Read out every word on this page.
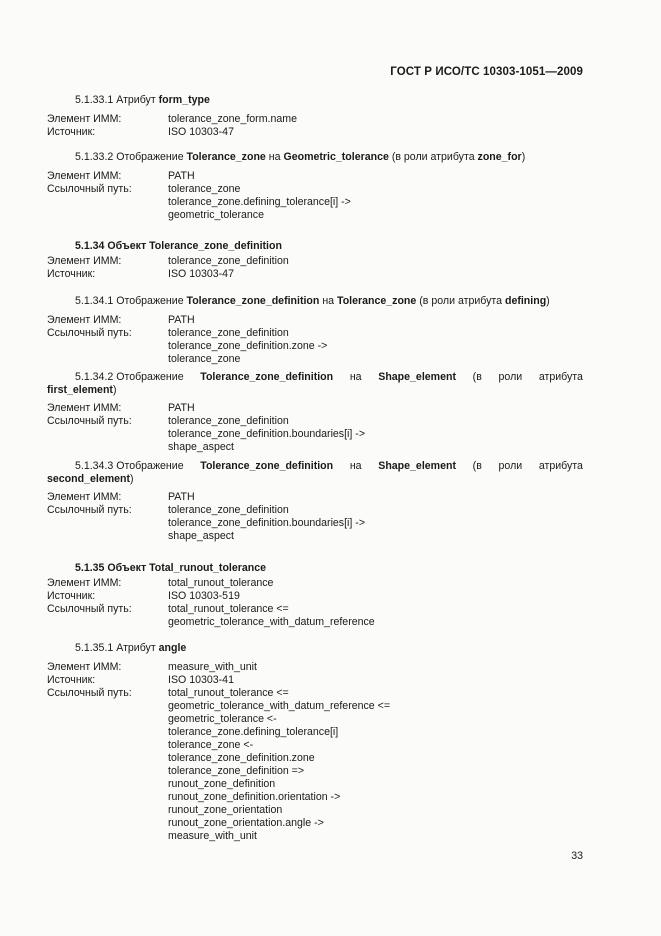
ГОСТ Р ИСО/ТС 10303-1051—2009
5.1.33.1 Атрибут form_type
Элемент ИММ:	tolerance_zone_form.name
Источник:	ISO 10303-47
5.1.33.2 Отображение Tolerance_zone на Geometric_tolerance (в роли атрибута zone_for)
Элемент ИММ:	PATH
Ссылочный путь:	tolerance_zone
tolerance_zone.defining_tolerance[i] ->
geometric_tolerance
5.1.34 Объект Tolerance_zone_definition
Элемент ИММ:	tolerance_zone_definition
Источник:	ISO 10303-47
5.1.34.1 Отображение Tolerance_zone_definition на Tolerance_zone (в роли атрибута defining)
Элемент ИММ:	PATH
Ссылочный путь:	tolerance_zone_definition
tolerance_zone_definition.zone ->
tolerance_zone
5.1.34.2 Отображение Tolerance_zone_definition на Shape_element (в роли атрибута
first_element)
Элемент ИММ:	PATH
Ссылочный путь:	tolerance_zone_definition
tolerance_zone_definition.boundaries[i] ->
shape_aspect
5.1.34.3 Отображение Tolerance_zone_definition на Shape_element (в роли атрибута
second_element)
Элемент ИММ:	PATH
Ссылочный путь:	tolerance_zone_definition
tolerance_zone_definition.boundaries[i] ->
shape_aspect
5.1.35 Объект Total_runout_tolerance
Элемент ИММ:	total_runout_tolerance
Источник:	ISO 10303-519
Ссылочный путь:	total_runout_tolerance <=
geometric_tolerance_with_datum_reference
5.1.35.1 Атрибут angle
Элемент ИММ:	measure_with_unit
Источник:	ISO 10303-41
Ссылочный путь:	total_runout_tolerance <=
geometric_tolerance_with_datum_reference <=
geometric_tolerance <-
tolerance_zone.defining_tolerance[i]
tolerance_zone <-
tolerance_zone_definition.zone
tolerance_zone_definition =>
runout_zone_definition
runout_zone_definition.orientation ->
runout_zone_orientation
runout_zone_orientation.angle ->
measure_with_unit
33
